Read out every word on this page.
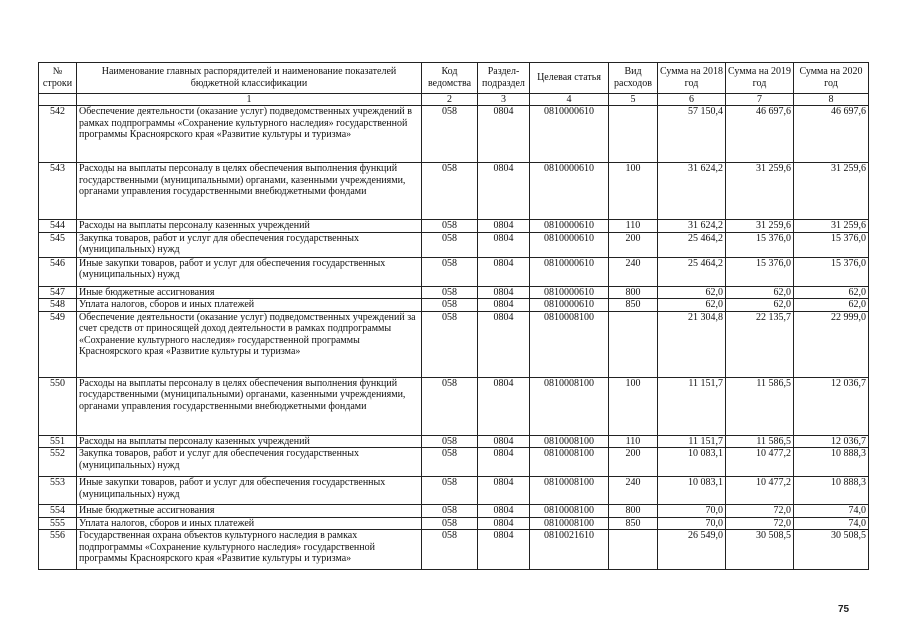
№ строки	Наименование главных распорядителей и наименование показателей бюджетной классификации	Код ведомства	Раздел-подраздел	Целевая статья	Вид расходов	Сумма на 2018 год	Сумма на 2019 год	Сумма на 2020 год
	1	2	3	4	5	6	7	8
542	Обеспечение деятельности (оказание услуг) подведомственных учреждений в рамках подпрограммы «Сохранение культурного наследия» государственной программы Красноярского края «Развитие культуры и туризма»	058	0804	0810000610		57 150,4	46 697,6	46 697,6
543	Расходы на выплаты персоналу в целях обеспечения выполнения функций государственными (муниципальными) органами, казенными учреждениями, органами управления государственными внебюджетными фондами	058	0804	0810000610	100	31 624,2	31 259,6	31 259,6
544	Расходы на выплаты персоналу казенных учреждений	058	0804	0810000610	110	31 624,2	31 259,6	31 259,6
545	Закупка товаров, работ и услуг для обеспечения государственных (муниципальных) нужд	058	0804	0810000610	200	25 464,2	15 376,0	15 376,0
546	Иные закупки товаров, работ и услуг для обеспечения государственных (муниципальных) нужд	058	0804	0810000610	240	25 464,2	15 376,0	15 376,0
547	Иные бюджетные ассигнования	058	0804	0810000610	800	62,0	62,0	62,0
548	Уплата налогов, сборов и иных платежей	058	0804	0810000610	850	62,0	62,0	62,0
549	Обеспечение деятельности (оказание услуг) подведомственных учреждений за счет средств от приносящей доход деятельности в рамках подпрограммы «Сохранение культурного наследия» государственной программы Красноярского края «Развитие культуры и туризма»	058	0804	0810008100		21 304,8	22 135,7	22 999,0
550	Расходы на выплаты персоналу в целях обеспечения выполнения функций государственными (муниципальными) органами, казенными учреждениями, органами управления государственными внебюджетными фондами	058	0804	0810008100	100	11 151,7	11 586,5	12 036,7
551	Расходы на выплаты персоналу казенных учреждений	058	0804	0810008100	110	11 151,7	11 586,5	12 036,7
552	Закупка товаров, работ и услуг для обеспечения государственных (муниципальных) нужд	058	0804	0810008100	200	10 083,1	10 477,2	10 888,3
553	Иные закупки товаров, работ и услуг для обеспечения государственных (муниципальных) нужд	058	0804	0810008100	240	10 083,1	10 477,2	10 888,3
554	Иные бюджетные ассигнования	058	0804	0810008100	800	70,0	72,0	74,0
555	Уплата налогов, сборов и иных платежей	058	0804	0810008100	850	70,0	72,0	74,0
556	Государственная охрана объектов культурного наследия в рамках подпрограммы «Сохранение культурного наследия» государственной программы Красноярского края «Развитие культуры и туризма»	058	0804	0810021610		26 549,0	30 508,5	30 508,5
75
